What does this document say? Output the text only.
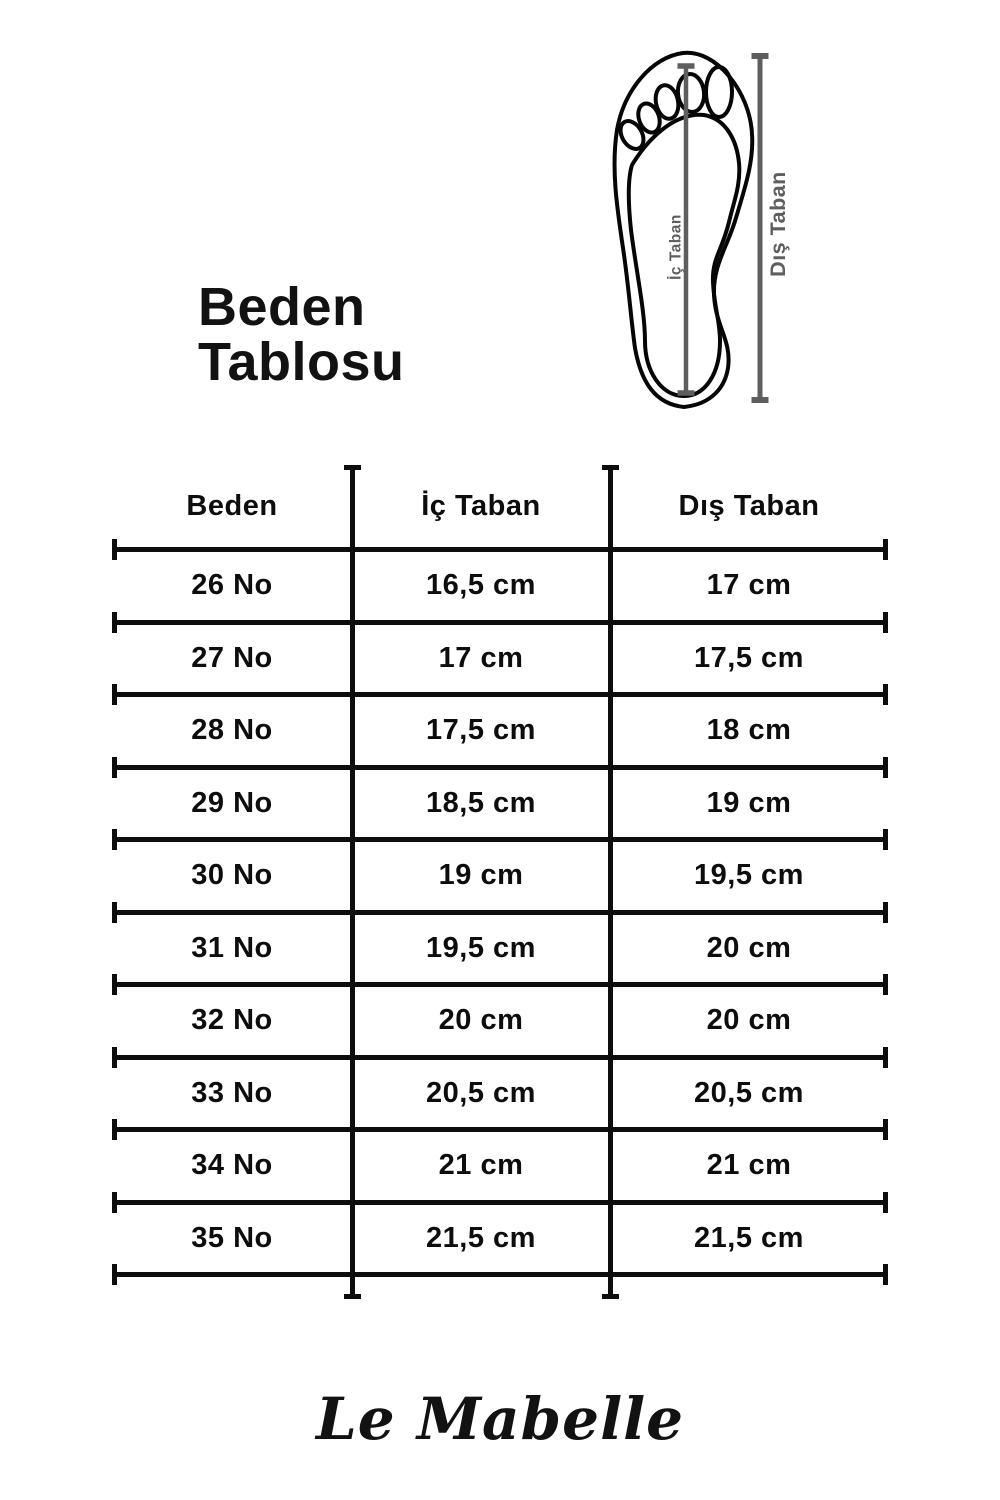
Beden
Tablosu
İç Taban	Dış Taban
Beden	İç Taban	Dış Taban
26 No	16,5 cm	17 cm
27 No	17 cm	17,5 cm
28 No	17,5 cm	18 cm
29 No	18,5 cm	19 cm
30 No	19 cm	19,5 cm
31 No	19,5 cm	20 cm
32 No	20 cm	20 cm
33 No	20,5 cm	20,5 cm
34 No	21 cm	21 cm
35 No	21,5 cm	21,5 cm
Le Mabelle
